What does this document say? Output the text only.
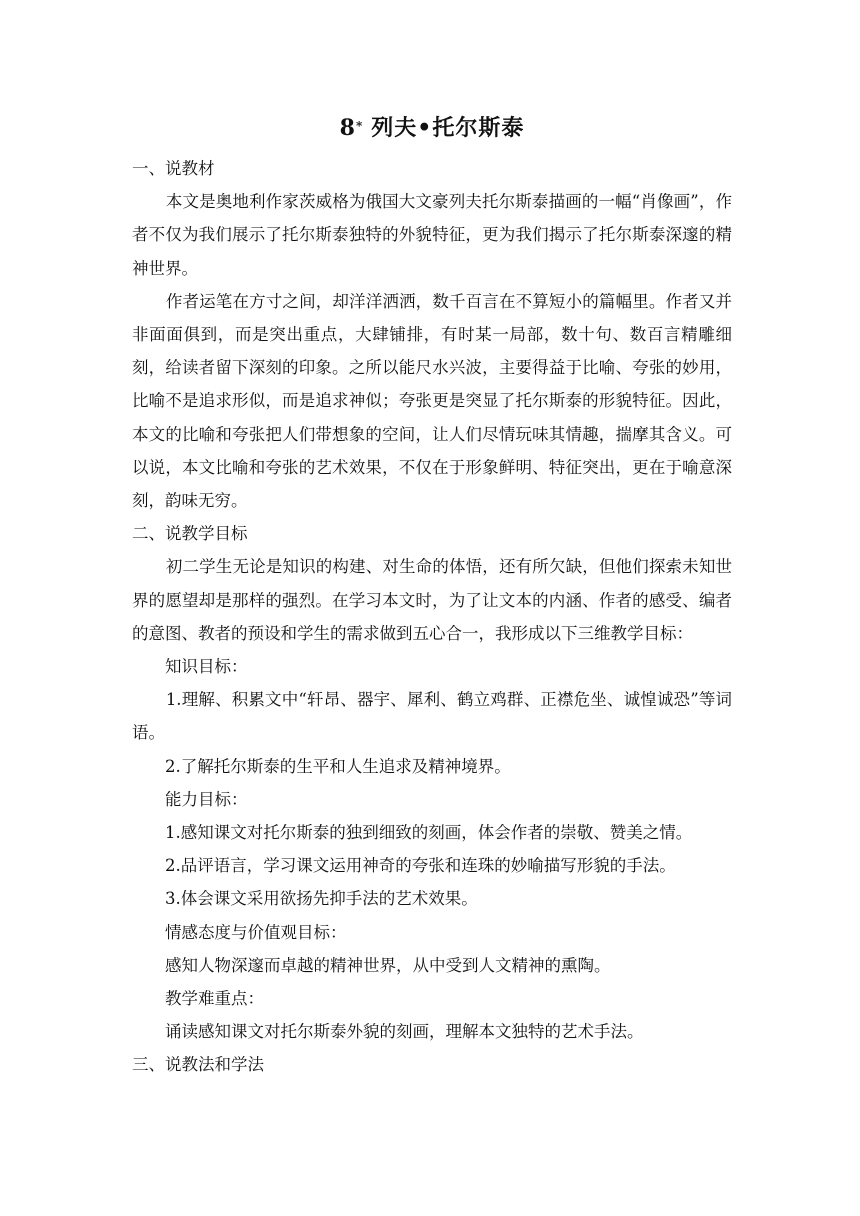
8* 列夫•托尔斯泰

一、说教材

本文是奥地利作家茨威格为俄国大文豪列夫托尔斯泰描画的一幅“肖像画”，作者不仅为我们展示了托尔斯泰独特的外貌特征，更为我们揭示了托尔斯泰深邃的精神世界。

作者运笔在方寸之间，却洋洋洒洒，数千百言在不算短小的篇幅里。作者又并非面面俱到，而是突出重点，大肆铺排，有时某一局部，数十句、数百言精雕细刻，给读者留下深刻的印象。之所以能尺水兴波，主要得益于比喻、夸张的妙用，比喻不是追求形似，而是追求神似；夸张更是突显了托尔斯泰的形貌特征。因此，本文的比喻和夸张把人们带想象的空间，让人们尽情玩味其情趣，揣摩其含义。可以说，本文比喻和夸张的艺术效果，不仅在于形象鲜明、特征突出，更在于喻意深刻，韵味无穷。

二、说教学目标

初二学生无论是知识的构建、对生命的体悟，还有所欠缺，但他们探索未知世界的愿望却是那样的强烈。在学习本文时，为了让文本的内涵、作者的感受、编者的意图、教者的预设和学生的需求做到五心合一，我形成以下三维教学目标：

知识目标：

1.理解、积累文中“轩昂、器宇、犀利、鹤立鸡群、正襟危坐、诚惶诚恐”等词语。

2.了解托尔斯泰的生平和人生追求及精神境界。

能力目标：

1.感知课文对托尔斯泰的独到细致的刻画，体会作者的崇敬、赞美之情。

2.品评语言，学习课文运用神奇的夸张和连珠的妙喻描写形貌的手法。

3.体会课文采用欲扬先抑手法的艺术效果。

情感态度与价值观目标：

感知人物深邃而卓越的精神世界，从中受到人文精神的熏陶。

教学难重点：

诵读感知课文对托尔斯泰外貌的刻画，理解本文独特的艺术手法。

三、说教法和学法
